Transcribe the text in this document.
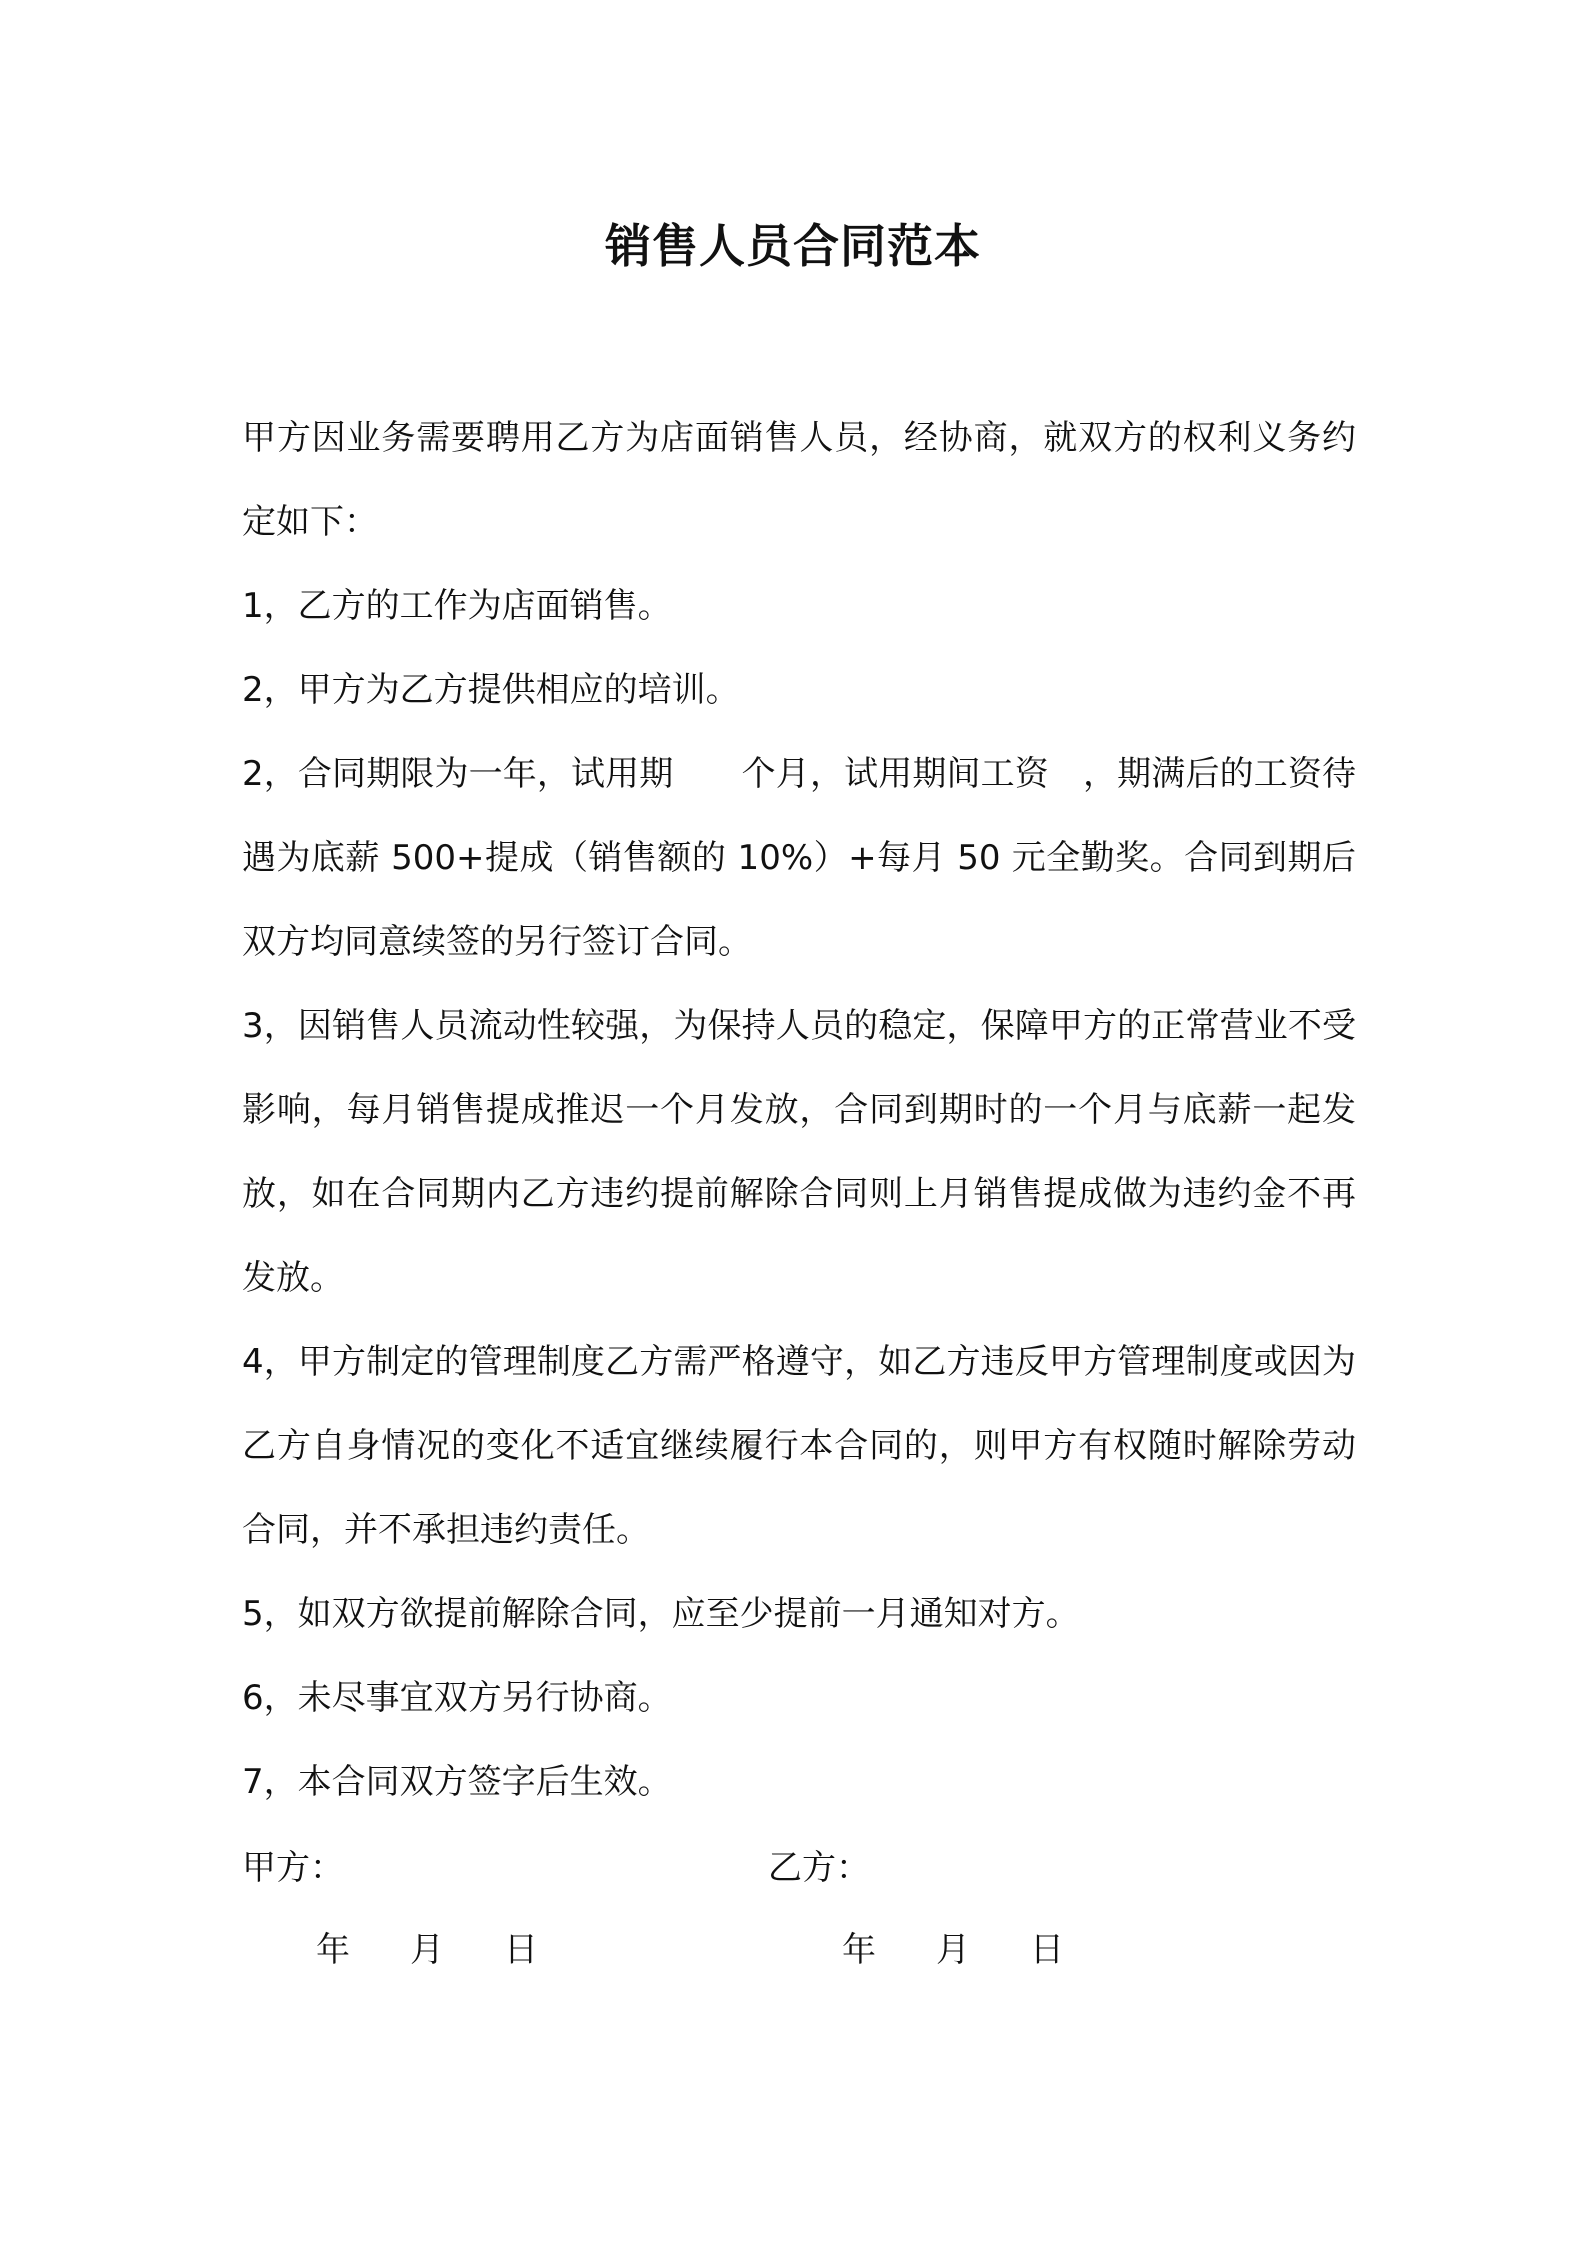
销售人员合同范本

甲方因业务需要聘用乙方为店面销售人员，经协商，就双方的权利义务约定如下：

1，乙方的工作为店面销售。

2，甲方为乙方提供相应的培训。

2，合同期限为一年，试用期　　个月，试用期间工资　，期满后的工资待遇为底薪 500+提成（销售额的 10%）+每月 50 元全勤奖。合同到期后双方均同意续签的另行签订合同。

3，因销售人员流动性较强，为保持人员的稳定，保障甲方的正常营业不受影响，每月销售提成推迟一个月发放，合同到期时的一个月与底薪一起发放，如在合同期内乙方违约提前解除合同则上月销售提成做为违约金不再发放。

4，甲方制定的管理制度乙方需严格遵守，如乙方违反甲方管理制度或因为乙方自身情况的变化不适宜继续履行本合同的，则甲方有权随时解除劳动合同，并不承担违约责任。

5，如双方欲提前解除合同，应至少提前一月通知对方。

6，未尽事宜双方另行协商。

7，本合同双方签字后生效。

甲方：	乙方：
年 月 日	年 月 日
